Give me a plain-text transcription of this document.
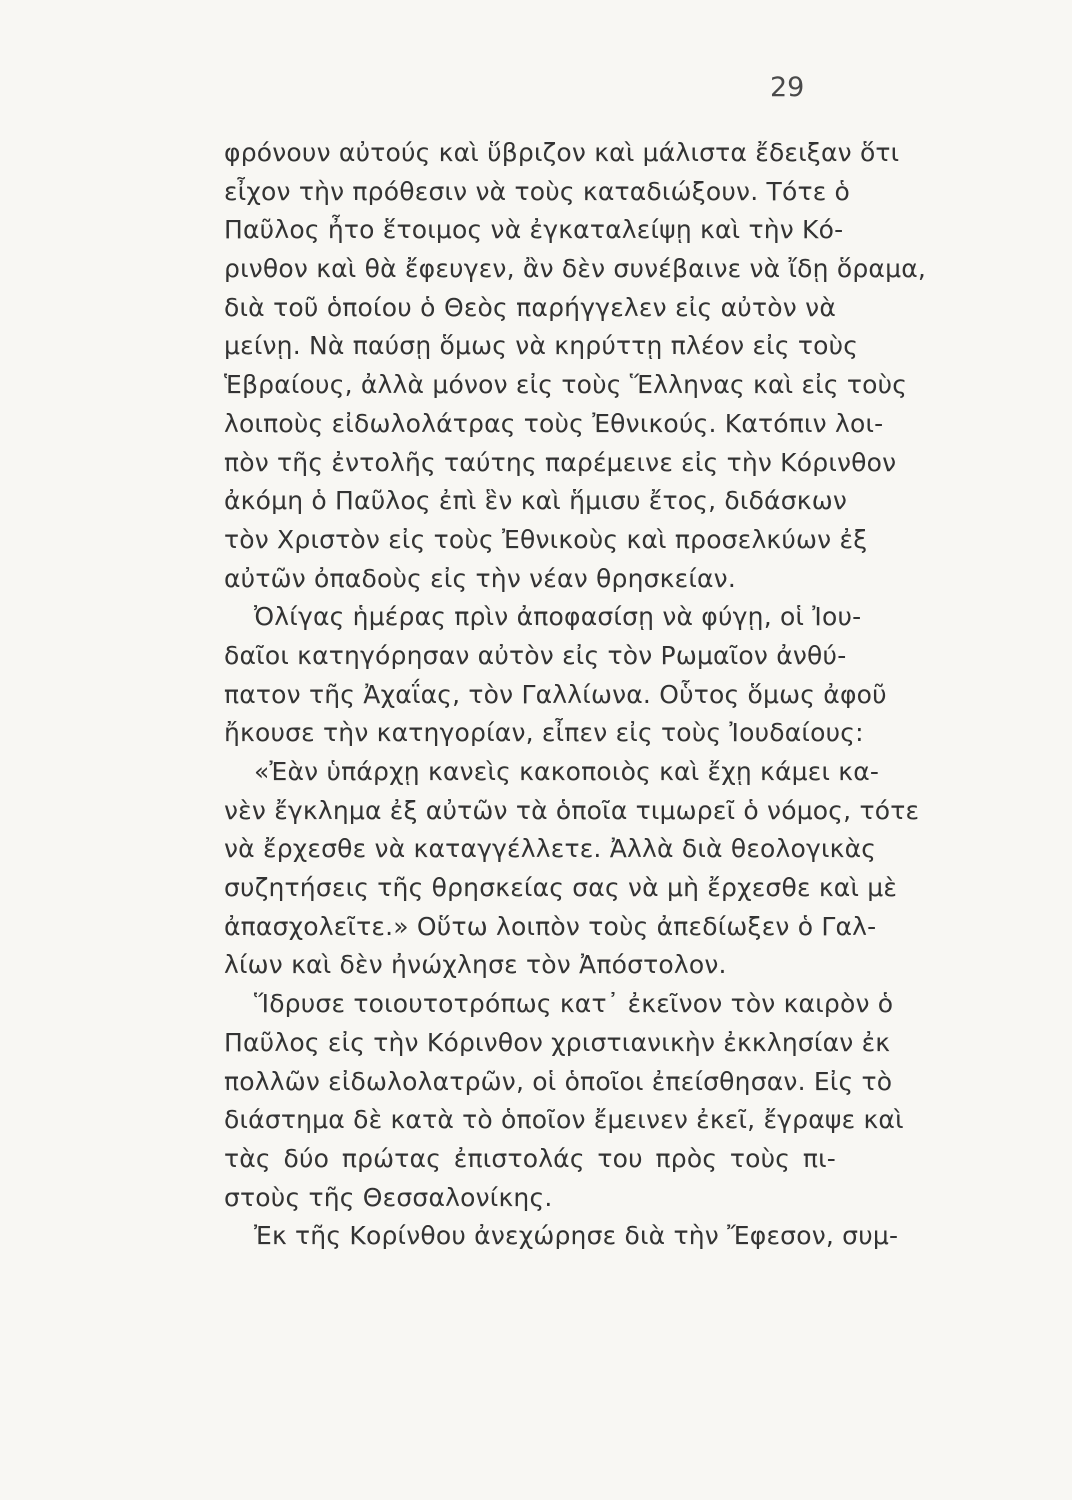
29
φρόνουν αὐτούς καὶ ὕβριζον καὶ μάλιστα ἔδειξαν ὅτι
εἶχον τὴν πρόθεσιν νὰ τοὺς καταδιώξουν. Τότε ὁ
Παῦλος ἦτο ἕτοιμος νὰ ἐγκαταλείψῃ καὶ τὴν Κό-
ρινθον καὶ θὰ ἔφευγεν, ἂν δὲν συνέβαινε νὰ ἴδῃ ὅραμα,
διὰ τοῦ ὁποίου ὁ Θεὸς παρήγγελεν εἰς αὐτὸν νὰ
μείνῃ. Νὰ παύσῃ ὅμως νὰ κηρύττῃ πλέον εἰς τοὺς
Ἑβραίους, ἀλλὰ μόνον εἰς τοὺς Ἕλληνας καὶ εἰς τοὺς
λοιποὺς εἰδωλολάτρας τοὺς Ἐθνικούς. Κατόπιν λοι-
πὸν τῆς ἐντολῆς ταύτης παρέμεινε εἰς τὴν Κόρινθον
ἀκόμη ὁ Παῦλος ἐπὶ ἓν καὶ ἥμισυ ἔτος, διδάσκων
τὸν Χριστὸν εἰς τοὺς Ἐθνικοὺς καὶ προσελκύων ἐξ
αὐτῶν ὀπαδοὺς εἰς τὴν νέαν θρησκείαν.
Ὀλίγας ἡμέρας πρὶν ἀποφασίσῃ νὰ φύγῃ, οἱ Ἰου-
δαῖοι κατηγόρησαν αὐτὸν εἰς τὸν Ρωμαῖον ἀνθύ-
πατον τῆς Ἀχαΐας, τὸν Γαλλίωνα. Οὗτος ὅμως ἀφοῦ
ἤκουσε τὴν κατηγορίαν, εἶπεν εἰς τοὺς Ἰουδαίους:
«Ἐὰν ὑπάρχῃ κανεὶς κακοποιὸς καὶ ἔχῃ κάμει κα-
νὲν ἔγκλημα ἐξ αὐτῶν τὰ ὁποῖα τιμωρεῖ ὁ νόμος, τότε
νὰ ἔρχεσθε νὰ καταγγέλλετε. Ἀλλὰ διὰ θεολογικὰς
συζητήσεις τῆς θρησκείας σας νὰ μὴ ἔρχεσθε καὶ μὲ
ἀπασχολεῖτε.» Οὕτω λοιπὸν τοὺς ἀπεδίωξεν ὁ Γαλ-
λίων καὶ δὲν ἠνώχλησε τὸν Ἀπόστολον.
Ἵδρυσε τοιουτοτρόπως κατ᾽ ἐκεῖνον τὸν καιρὸν ὁ
Παῦλος εἰς τὴν Κόρινθον χριστιανικὴν ἐκκλησίαν ἐκ
πολλῶν εἰδωλολατρῶν, οἱ ὁποῖοι ἐπείσθησαν. Εἰς τὸ
διάστημα δὲ κατὰ τὸ ὁποῖον ἔμεινεν ἐκεῖ, ἔγραψε καὶ
τὰς δύο πρώτας ἐπιστολάς του πρὸς τοὺς πι-
στοὺς τῆς Θεσσαλονίκης.
Ἐκ τῆς Κορίνθου ἀνεχώρησε διὰ τὴν Ἔφεσον, συμ-
